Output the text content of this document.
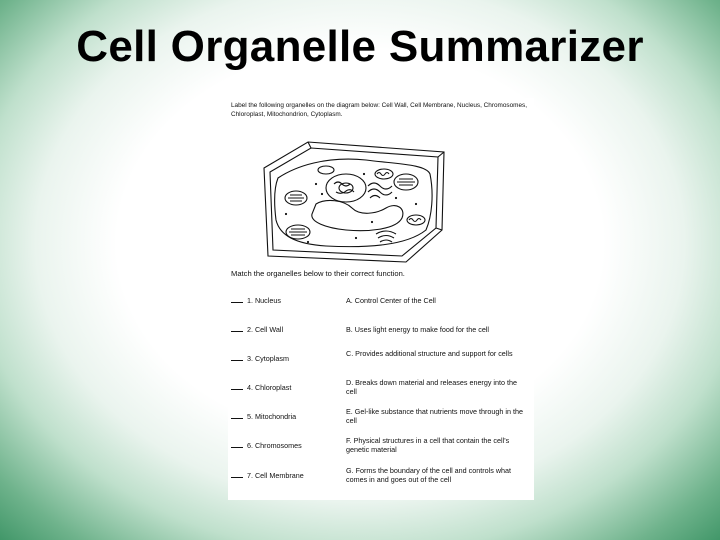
Cell Organelle Summarizer
Label the following organelles on the diagram below: Cell Wall, Cell Membrane, Nucleus, Chromosomes, Chloroplast, Mitochondrion, Cytoplasm.
Match the organelles below to their correct function.
1. Nucleus	A. Control Center of the Cell
2. Cell Wall	B. Uses light energy to make food for the cell
3. Cytoplasm
C. Provides additional structure and support for cells
4. Chloroplast
D. Breaks down material and releases energy into the cell
5. Mitochondria
E. Gel-like substance that nutrients move through in the cell
6. Chromosomes
F. Physical structures in a cell that contain the cell's genetic material
7. Cell Membrane
G. Forms the boundary of the cell and controls what comes in and goes out of the cell
